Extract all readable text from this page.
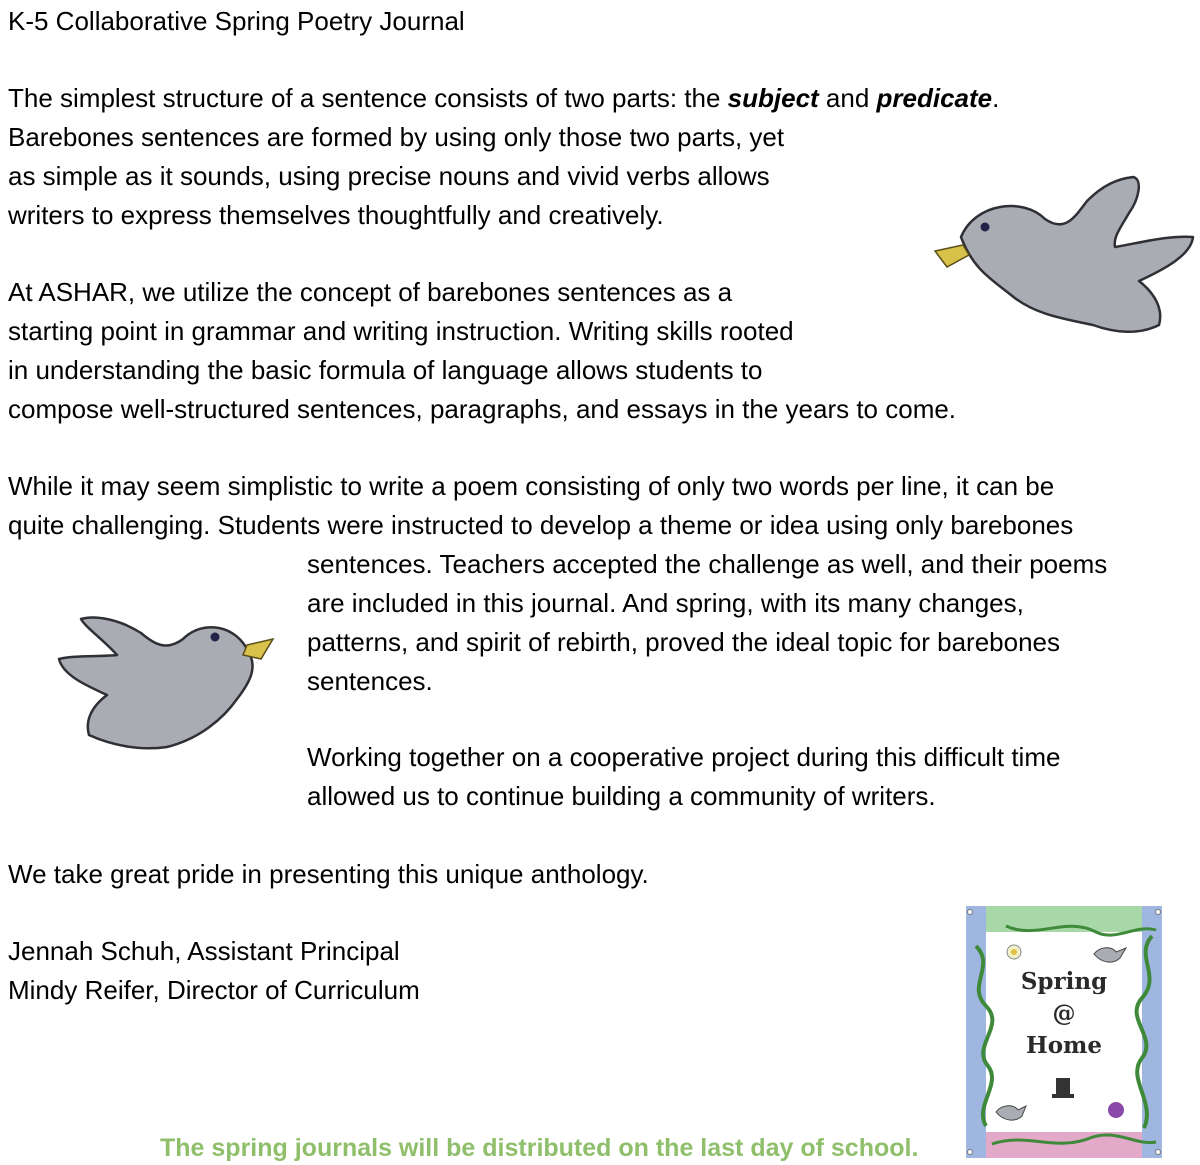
K-5 Collaborative Spring Poetry Journal

The simplest structure of a sentence consists of two parts: the subject and predicate.
Barebones sentences are formed by using only those two parts, yet
as simple as it sounds, using precise nouns and vivid verbs allows
writers to express themselves thoughtfully and creatively.
At ASHAR, we utilize the concept of barebones sentences as a
starting point in grammar and writing instruction. Writing skills rooted
in understanding the basic formula of language allows students to
compose well-structured sentences, paragraphs, and essays in the years to come.
While it may seem simplistic to write a poem consisting of only two words per line, it can be
quite challenging. Students were instructed to develop a theme or idea using only barebones
sentences. Teachers accepted the challenge as well, and their poems
are included in this journal. And spring, with its many changes,
patterns, and spirit of rebirth, proved the ideal topic for barebones
sentences.
Working together on a cooperative project during this difficult time
allowed us to continue building a community of writers.

We take great pride in presenting this unique anthology.

Jennah Schuh, Assistant Principal
Mindy Reifer, Director of Curriculum
The spring journals will be distributed on the last day of school.
Spring
@
Home
